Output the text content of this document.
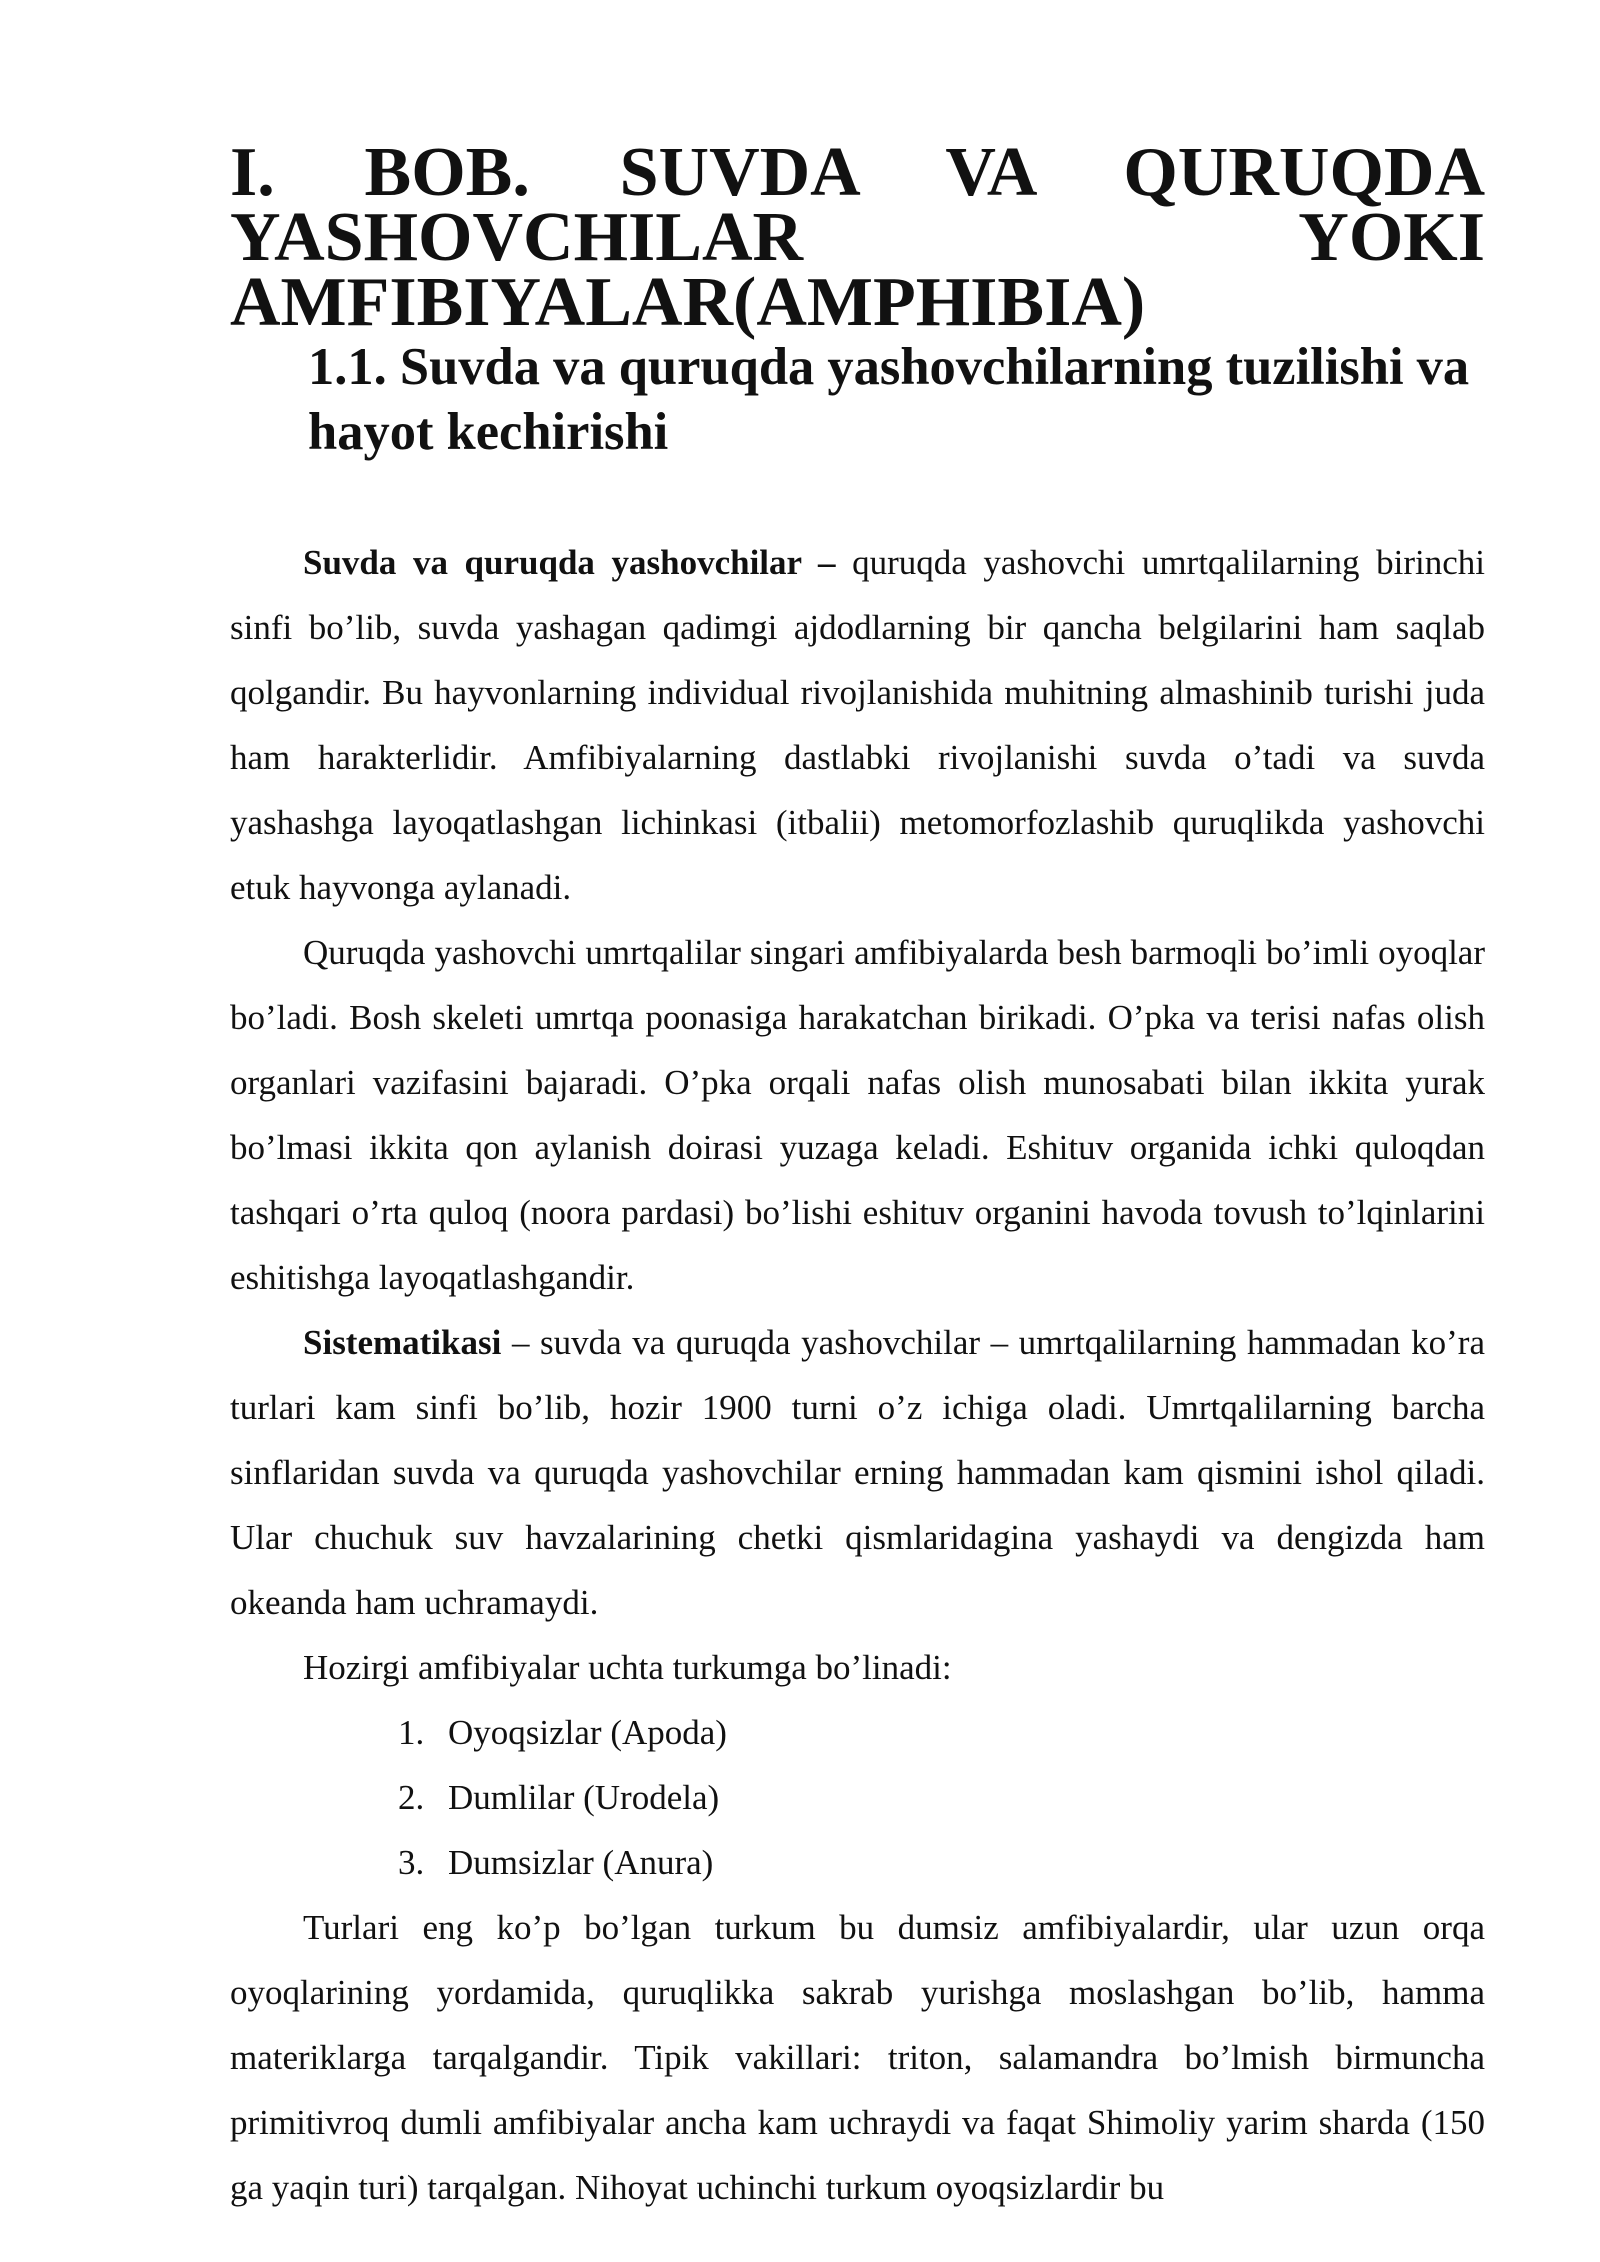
I. BOB. SUVDA VA QURUQDA YASHOVCHILAR YOKI
AMFIBIYALAR(AMPHIBIA)
1.1. Suvda va quruqda yashovchilarning tuzilishi va hayot kechirishi

Suvda va quruqda yashovchilar – quruqda yashovchi umrtqalilarning birinchi sinfi bo’lib, suvda yashagan qadimgi ajdodlarning bir qancha belgilarini ham saqlab qolgandir. Bu hayvonlarning individual rivojlanishida muhitning almashinib turishi juda ham harakterlidir. Amfibiyalarning dastlabki rivojlanishi suvda o’tadi va suvda yashashga layoqatlashgan lichinkasi (itbalii) metomorfozlashib quruqlikda yashovchi etuk hayvonga aylanadi.

Quruqda yashovchi umrtqalilar singari amfibiyalarda besh barmoqli bo’imli oyoqlar bo’ladi. Bosh skeleti umrtqa poonasiga harakatchan birikadi. O’pka va terisi nafas olish organlari vazifasini bajaradi. O’pka orqali nafas olish munosabati bilan ikkita yurak bo’lmasi ikkita qon aylanish doirasi yuzaga keladi. Eshituv organida ichki quloqdan tashqari o’rta quloq (noora pardasi) bo’lishi eshituv organini havoda tovush to’lqinlarini eshitishga layoqatlashgandir.

Sistematikasi – suvda va quruqda yashovchilar – umrtqalilarning hammadan ko’ra turlari kam sinfi bo’lib, hozir 1900 turni o’z ichiga oladi. Umrtqalilarning barcha sinflaridan suvda va quruqda yashovchilar erning hammadan kam qismini ishol qiladi. Ular chuchuk suv havzalarining chetki qismlaridagina yashaydi va dengizda ham okeanda ham uchramaydi.

Hozirgi amfibiyalar uchta turkumga bo’linadi:

1. Oyoqsizlar (Apoda)
2. Dumlilar (Urodela)
3. Dumsizlar (Anura)

Turlari eng ko’p bo’lgan turkum bu dumsiz amfibiyalardir, ular uzun orqa oyoqlarining yordamida, quruqlikka sakrab yurishga moslashgan bo’lib, hamma materiklarga tarqalgandir. Tipik vakillari: triton, salamandra bo’lmish birmuncha primitivroq dumli amfibiyalar ancha kam uchraydi va faqat Shimoliy yarim sharda (150 ga yaqin turi) tarqalgan. Nihoyat uchinchi turkum oyoqsizlardir bu
